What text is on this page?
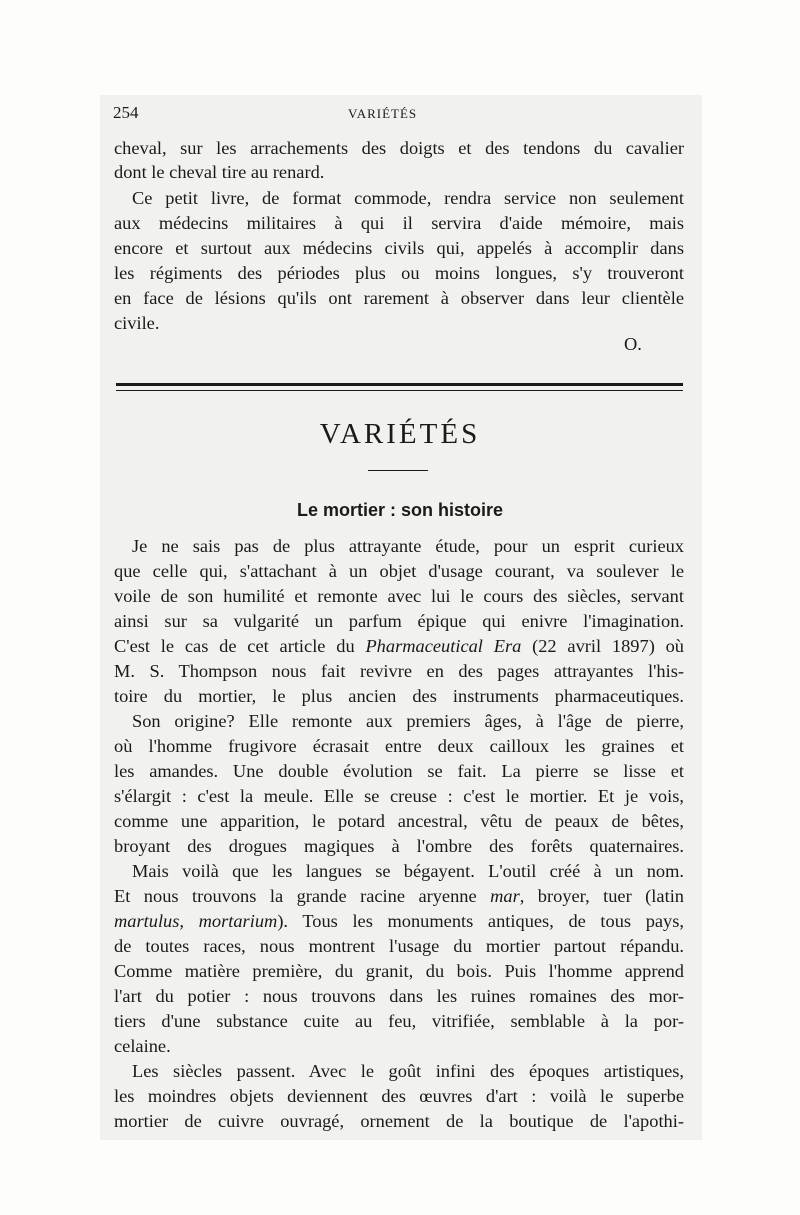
254	VARIÉTÉS
cheval, sur les arrachements des doigts et des tendons du cavalier
dont le cheval tire au renard.
Ce petit livre, de format commode, rendra service non seulement
aux médecins militaires à qui il servira d'aide mémoire, mais
encore et surtout aux médecins civils qui, appelés à accomplir dans
les régiments des périodes plus ou moins longues, s'y trouveront
en face de lésions qu'ils ont rarement à observer dans leur clientèle
civile.
O.
VARIÉTÉS
Le mortier : son histoire
Je ne sais pas de plus attrayante étude, pour un esprit curieux
que celle qui, s'attachant à un objet d'usage courant, va soulever le
voile de son humilité et remonte avec lui le cours des siècles, servant
ainsi sur sa vulgarité un parfum épique qui enivre l'imagination.
C'est le cas de cet article du Pharmaceutical Era (22 avril 1897) où
M. S. Thompson nous fait revivre en des pages attrayantes l'his-
toire du mortier, le plus ancien des instruments pharmaceutiques.
Son origine? Elle remonte aux premiers âges, à l'âge de pierre,
où l'homme frugivore écrasait entre deux cailloux les graines et
les amandes. Une double évolution se fait. La pierre se lisse et
s'élargit : c'est la meule. Elle se creuse : c'est le mortier. Et je vois,
comme une apparition, le potard ancestral, vêtu de peaux de bêtes,
broyant des drogues magiques à l'ombre des forêts quaternaires.
Mais voilà que les langues se bégayent. L'outil créé à un nom.
Et nous trouvons la grande racine aryenne mar, broyer, tuer (latin
martulus, mortarium). Tous les monuments antiques, de tous pays,
de toutes races, nous montrent l'usage du mortier partout répandu.
Comme matière première, du granit, du bois. Puis l'homme apprend
l'art du potier : nous trouvons dans les ruines romaines des mor-
tiers d'une substance cuite au feu, vitrifiée, semblable à la por-
celaine.
Les siècles passent. Avec le goût infini des époques artistiques,
les moindres objets deviennent des œuvres d'art : voilà le superbe
mortier de cuivre ouvragé, ornement de la boutique de l'apothi-
